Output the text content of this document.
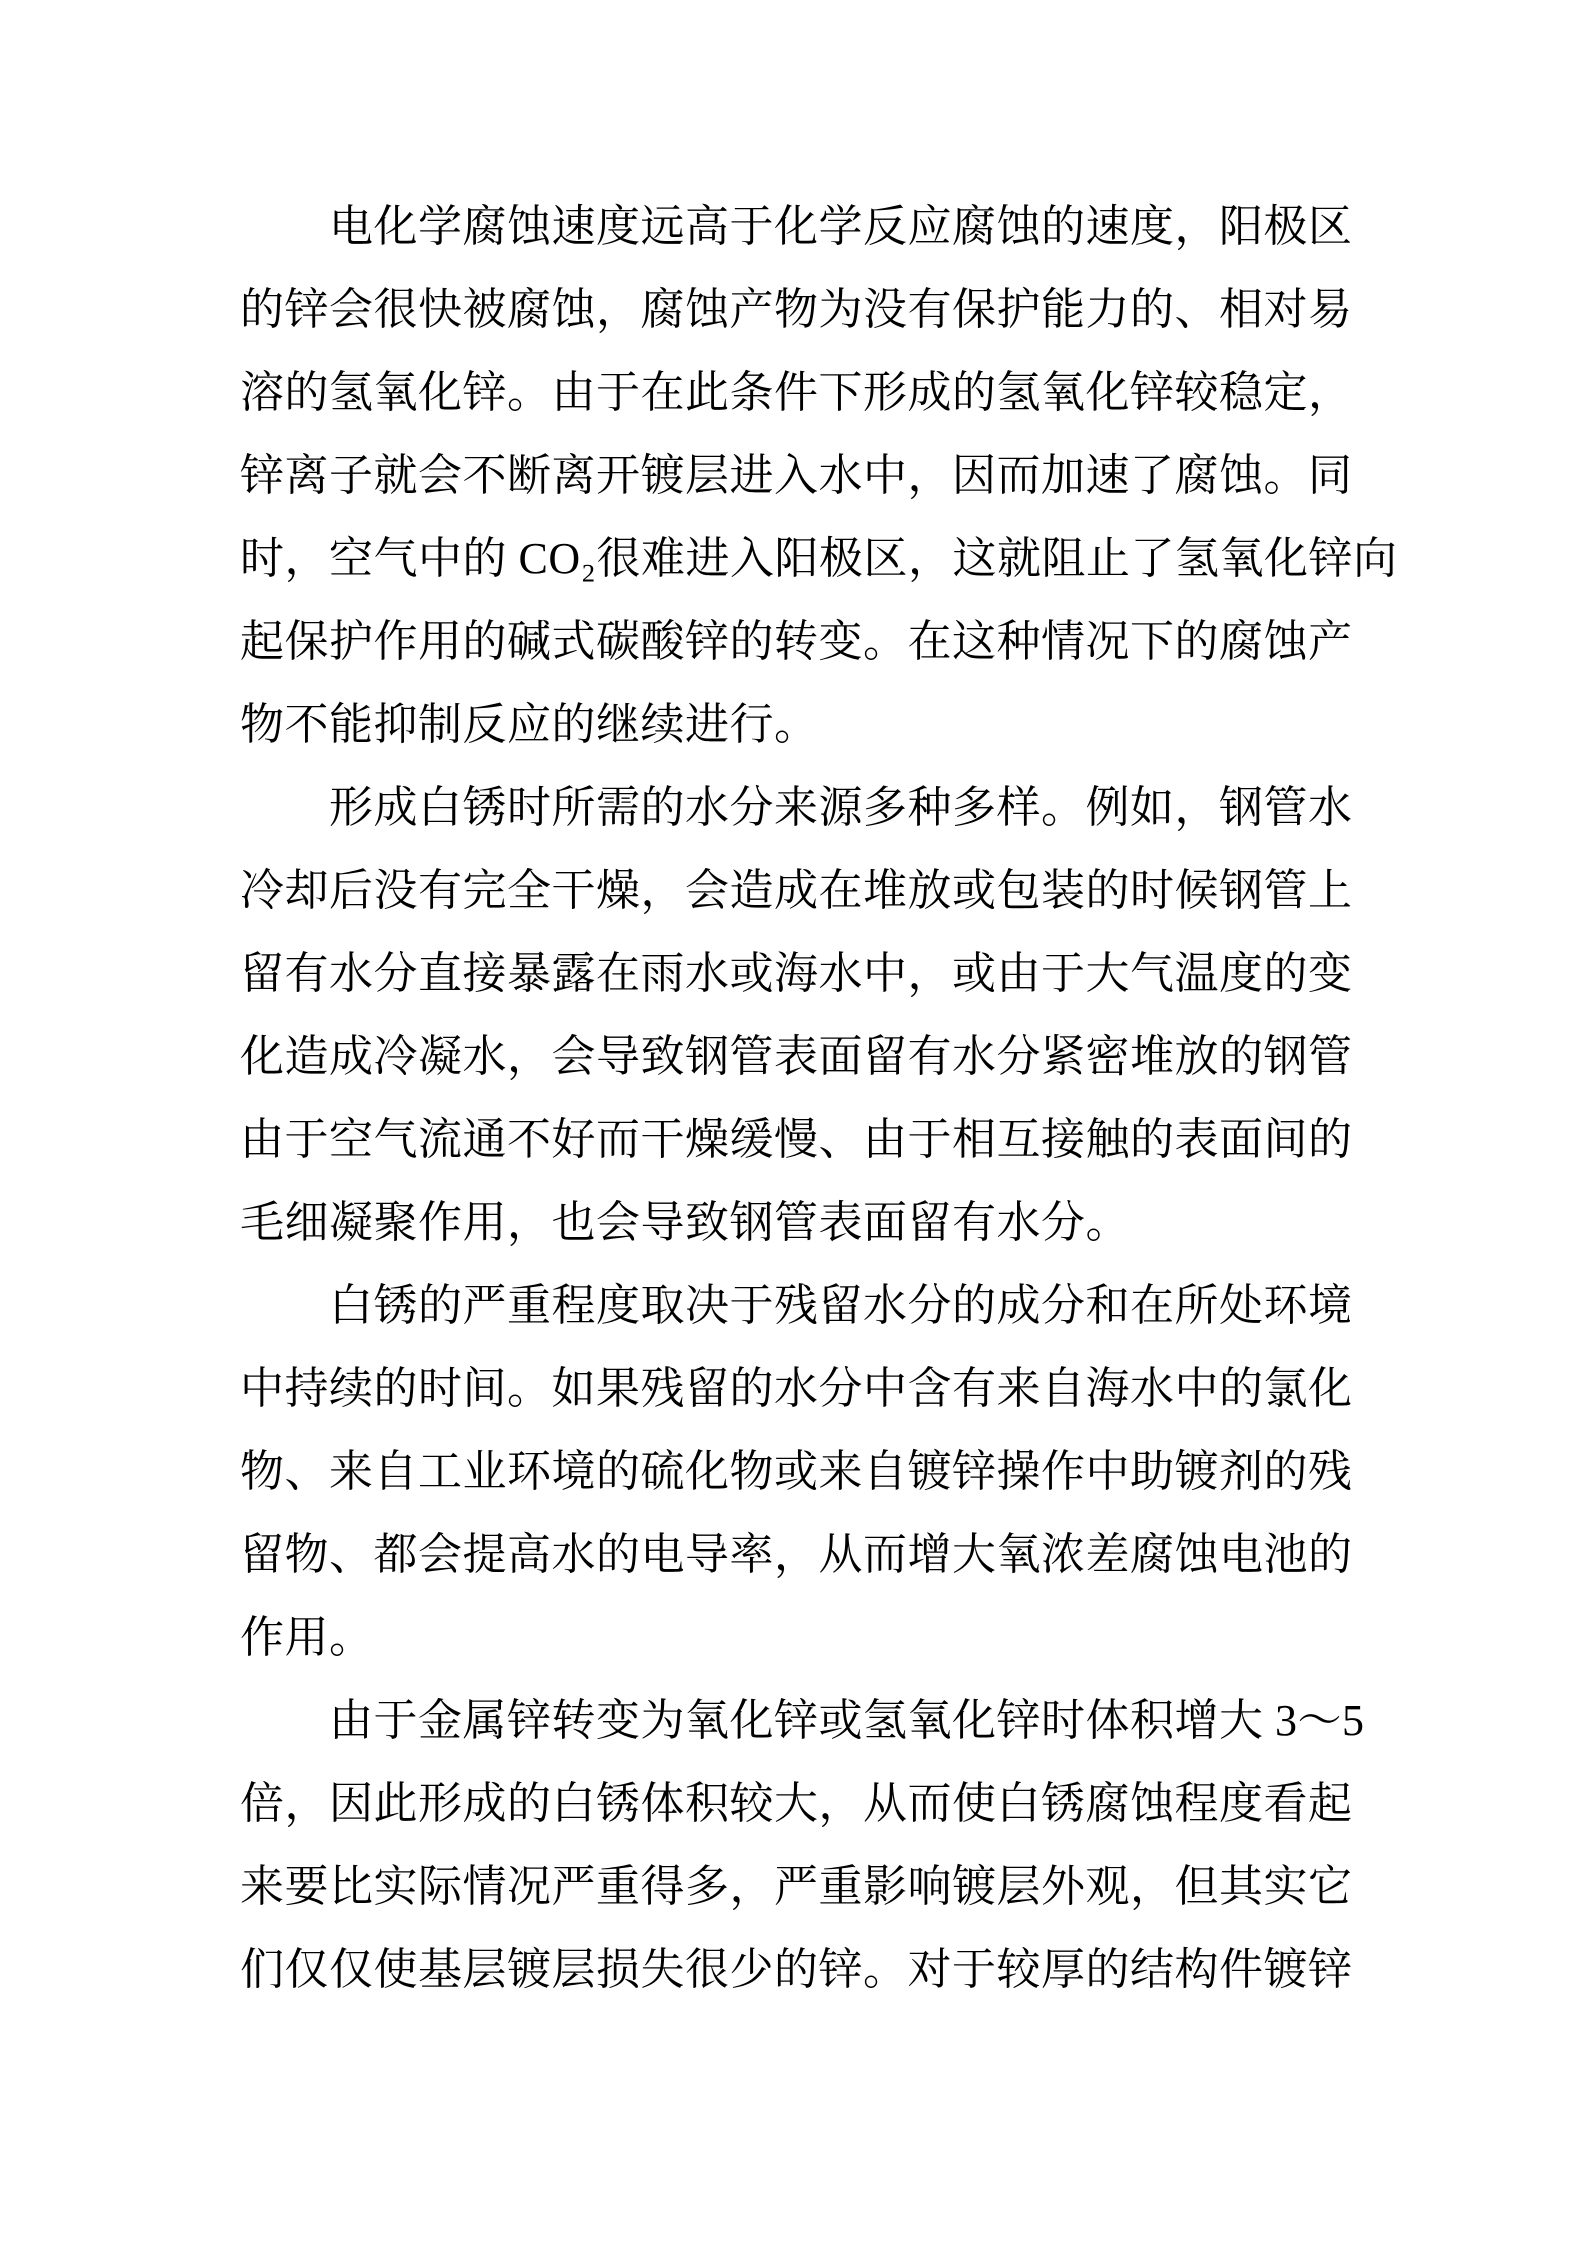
电化学腐蚀速度远高于化学反应腐蚀的速度，阳极区
的锌会很快被腐蚀，腐蚀产物为没有保护能力的、相对易
溶的氢氧化锌。由于在此条件下形成的氢氧化锌较稳定，
锌离子就会不断离开镀层进入水中，因而加速了腐蚀。同
时，空气中的 CO₂很难进入阳极区，这就阻止了氢氧化锌向
起保护作用的碱式碳酸锌的转变。在这种情况下的腐蚀产
物不能抑制反应的继续进行。
形成白锈时所需的水分来源多种多样。例如，钢管水
冷却后没有完全干燥，会造成在堆放或包装的时候钢管上
留有水分直接暴露在雨水或海水中，或由于大气温度的变
化造成冷凝水，会导致钢管表面留有水分紧密堆放的钢管
由于空气流通不好而干燥缓慢、由于相互接触的表面间的
毛细凝聚作用，也会导致钢管表面留有水分。
白锈的严重程度取决于残留水分的成分和在所处环境
中持续的时间。如果残留的水分中含有来自海水中的氯化
物、来自工业环境的硫化物或来自镀锌操作中助镀剂的残
留物、都会提高水的电导率，从而增大氧浓差腐蚀电池的
作用。
由于金属锌转变为氧化锌或氢氧化锌时体积增大 3～5
倍，因此形成的白锈体积较大，从而使白锈腐蚀程度看起
来要比实际情况严重得多，严重影响镀层外观，但其实它
们仅仅使基层镀层损失很少的锌。对于较厚的结构件镀锌
